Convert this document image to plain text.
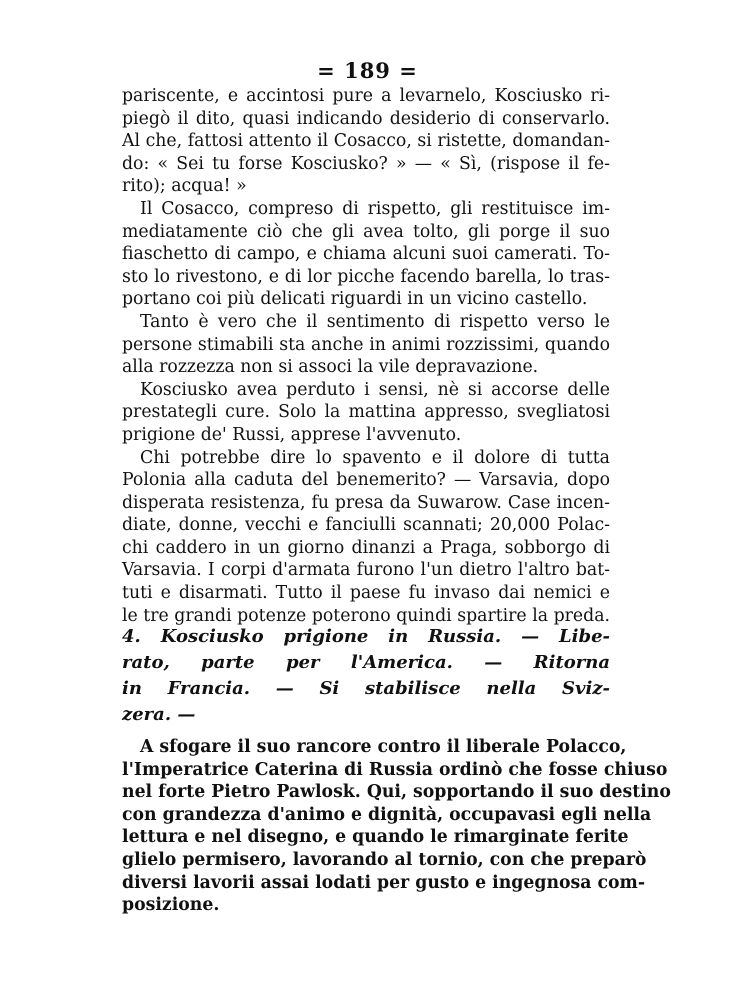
= 189 =
pariscente, e accintosi pure a levarnelo, Kosciusko ri-
piegò il dito, quasi indicando desiderio di conservarlo.
Al che, fattosi attento il Cosacco, si ristette, domandan-
do: « Sei tu forse Kosciusko? » — « Sì, (rispose il fe-
rito); acqua! »
Il Cosacco, compreso di rispetto, gli restituisce im-
mediatamente ciò che gli avea tolto, gli porge il suo
fiaschetto di campo, e chiama alcuni suoi camerati. To-
sto lo rivestono, e di lor picche facendo barella, lo tras-
portano coi più delicati riguardi in un vicino castello.
Tanto è vero che il sentimento di rispetto verso le
persone stimabili sta anche in animi rozzissimi, quando
alla rozzezza non si associ la vile depravazione.
Kosciusko avea perduto i sensi, nè si accorse delle
prestategli cure. Solo la mattina appresso, svegliatosi
prigione de' Russi, apprese l'avvenuto.
Chi potrebbe dire lo spavento e il dolore di tutta
Polonia alla caduta del benemerito? — Varsavia, dopo
disperata resistenza, fu presa da Suwarow. Case incen-
diate, donne, vecchi e fanciulli scannati; 20,000 Polac-
chi caddero in un giorno dinanzi a Praga, sobborgo di
Varsavia. I corpi d'armata furono l'un dietro l'altro bat-
tuti e disarmati. Tutto il paese fu invaso dai nemici e
le tre grandi potenze poterono quindi spartire la preda.
4. Kosciusko prigione in Russia. — Libe-
rato, parte per l'America. — Ritorna
in Francia. — Si stabilisce nella Sviz-
zera. —
A sfogare il suo rancore contro il liberale Polacco,
l'Imperatrice Caterina di Russia ordinò che fosse chiuso
nel forte Pietro Pawlosk. Qui, sopportando il suo destino
con grandezza d'animo e dignità, occupavasi egli nella
lettura e nel disegno, e quando le rimarginate ferite
glielo permisero, lavorando al tornio, con che preparò
diversi lavorii assai lodati per gusto e ingegnosa com-
posizione.
